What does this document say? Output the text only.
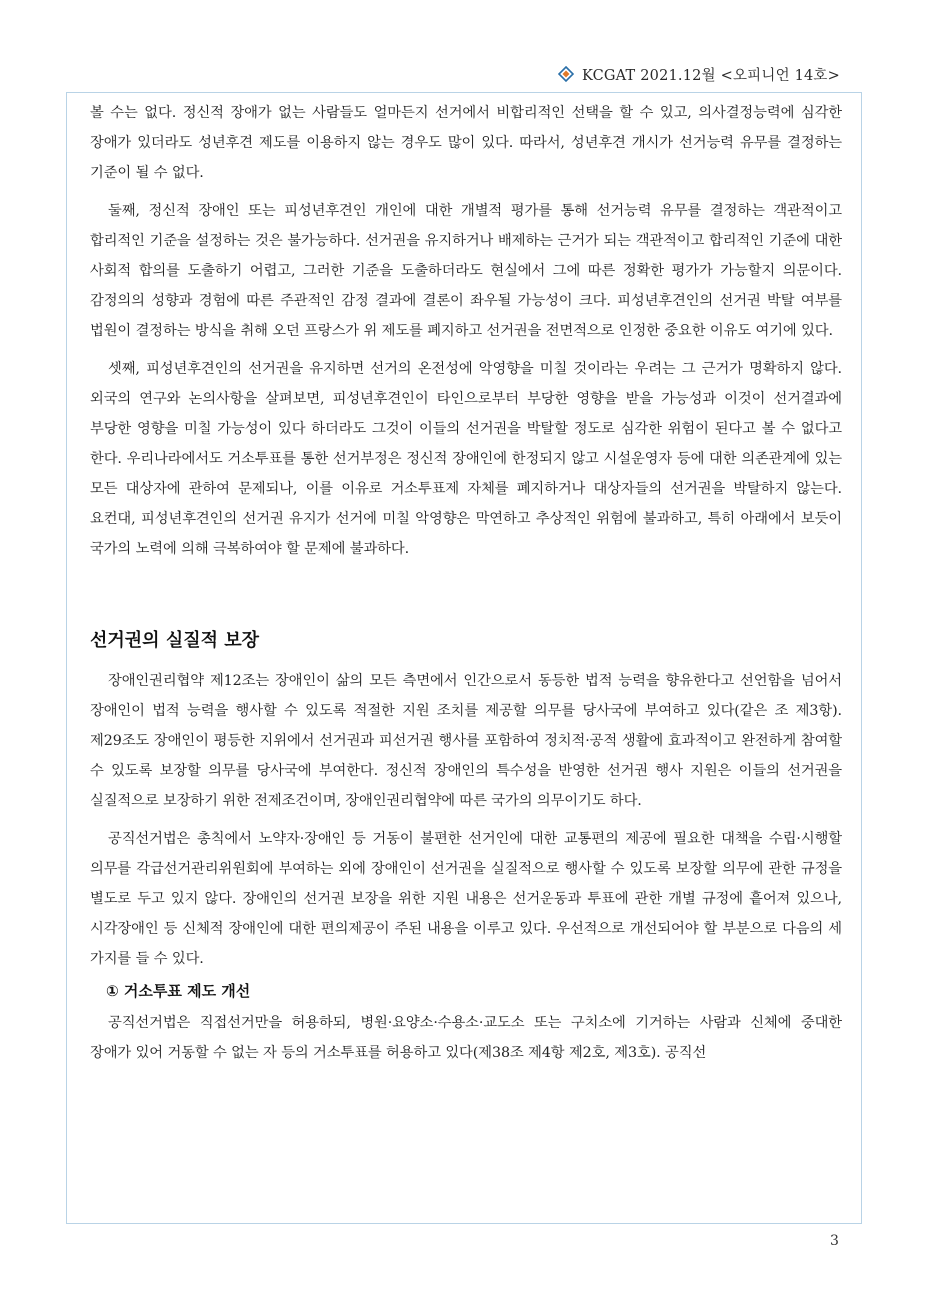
KCGAT 2021.12월 <오피니언 14호>

볼 수는 없다. 정신적 장애가 없는 사람들도 얼마든지 선거에서 비합리적인 선택을 할 수 있고, 의사결정능력에 심각한 장애가 있더라도 성년후견 제도를 이용하지 않는 경우도 많이 있다. 따라서, 성년후견 개시가 선거능력 유무를 결정하는 기준이 될 수 없다.

둘째, 정신적 장애인 또는 피성년후견인 개인에 대한 개별적 평가를 통해 선거능력 유무를 결정하는 객관적이고 합리적인 기준을 설정하는 것은 불가능하다. 선거권을 유지하거나 배제하는 근거가 되는 객관적이고 합리적인 기준에 대한 사회적 합의를 도출하기 어렵고, 그러한 기준을 도출하더라도 현실에서 그에 따른 정확한 평가가 가능할지 의문이다. 감정의의 성향과 경험에 따른 주관적인 감정 결과에 결론이 좌우될 가능성이 크다. 피성년후견인의 선거권 박탈 여부를 법원이 결정하는 방식을 취해 오던 프랑스가 위 제도를 폐지하고 선거권을 전면적으로 인정한 중요한 이유도 여기에 있다.

셋째, 피성년후견인의 선거권을 유지하면 선거의 온전성에 악영향을 미칠 것이라는 우려는 그 근거가 명확하지 않다. 외국의 연구와 논의사항을 살펴보면, 피성년후견인이 타인으로부터 부당한 영향을 받을 가능성과 이것이 선거결과에 부당한 영향을 미칠 가능성이 있다 하더라도 그것이 이들의 선거권을 박탈할 정도로 심각한 위험이 된다고 볼 수 없다고 한다. 우리나라에서도 거소투표를 통한 선거부정은 정신적 장애인에 한정되지 않고 시설운영자 등에 대한 의존관계에 있는 모든 대상자에 관하여 문제되나, 이를 이유로 거소투표제 자체를 폐지하거나 대상자들의 선거권을 박탈하지 않는다. 요컨대, 피성년후견인의 선거권 유지가 선거에 미칠 악영향은 막연하고 추상적인 위험에 불과하고, 특히 아래에서 보듯이 국가의 노력에 의해 극복하여야 할 문제에 불과하다.

선거권의 실질적 보장

장애인권리협약 제12조는 장애인이 삶의 모든 측면에서 인간으로서 동등한 법적 능력을 향유한다고 선언함을 넘어서 장애인이 법적 능력을 행사할 수 있도록 적절한 지원 조치를 제공할 의무를 당사국에 부여하고 있다(같은 조 제3항). 제29조도 장애인이 평등한 지위에서 선거권과 피선거권 행사를 포함하여 정치적·공적 생활에 효과적이고 완전하게 참여할 수 있도록 보장할 의무를 당사국에 부여한다. 정신적 장애인의 특수성을 반영한 선거권 행사 지원은 이들의 선거권을 실질적으로 보장하기 위한 전제조건이며, 장애인권리협약에 따른 국가의 의무이기도 하다.

공직선거법은 총칙에서 노약자·장애인 등 거동이 불편한 선거인에 대한 교통편의 제공에 필요한 대책을 수립·시행할 의무를 각급선거관리위원회에 부여하는 외에 장애인이 선거권을 실질적으로 행사할 수 있도록 보장할 의무에 관한 규정을 별도로 두고 있지 않다. 장애인의 선거권 보장을 위한 지원 내용은 선거운동과 투표에 관한 개별 규정에 흩어져 있으나, 시각장애인 등 신체적 장애인에 대한 편의제공이 주된 내용을 이루고 있다. 우선적으로 개선되어야 할 부분으로 다음의 세 가지를 들 수 있다.

① 거소투표 제도 개선

공직선거법은 직접선거만을 허용하되, 병원·요양소·수용소·교도소 또는 구치소에 기거하는 사람과 신체에 중대한 장애가 있어 거동할 수 없는 자 등의 거소투표를 허용하고 있다(제38조 제4항 제2호, 제3호). 공직선

3
